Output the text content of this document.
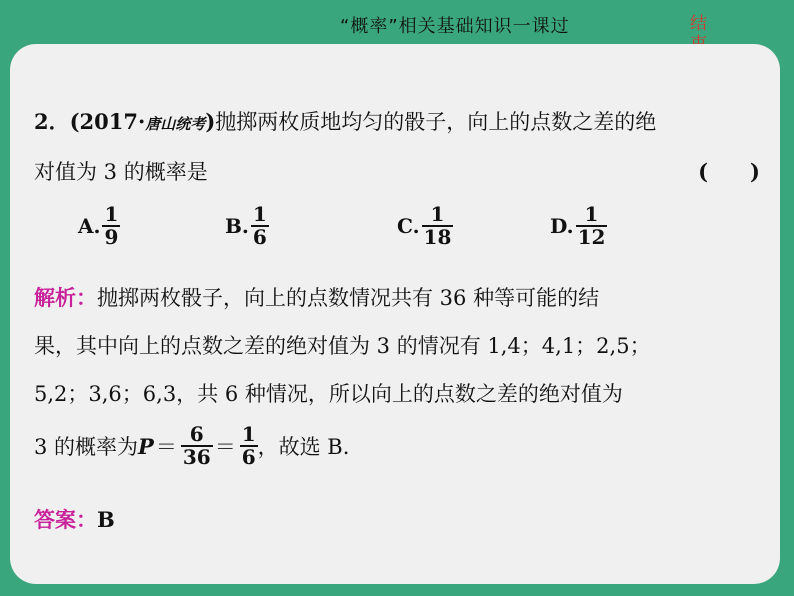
“概率”相关基础知识一课过	结
2．(2017·唐山统考)抛掷两枚质地均匀的骰子，向上的点数之差的绝
对值为 3 的概率是	(　　)
A. $\frac{1}{9}$	B. $\frac{1}{6}$	C. $\frac{1}{18}$	D. $\frac{1}{12}$
解析：抛掷两枚骰子，向上的点数情况共有 36 种等可能的结
果，其中向上的点数之差的绝对值为 3 的情况有 1,4；4,1；2,5；
5,2；3,6；6,3，共 6 种情况，所以向上的点数之差的绝对值为
3 的概率为 $P = \frac{6}{36} = \frac{1}{6}$ ，故选 B.
答案：B
